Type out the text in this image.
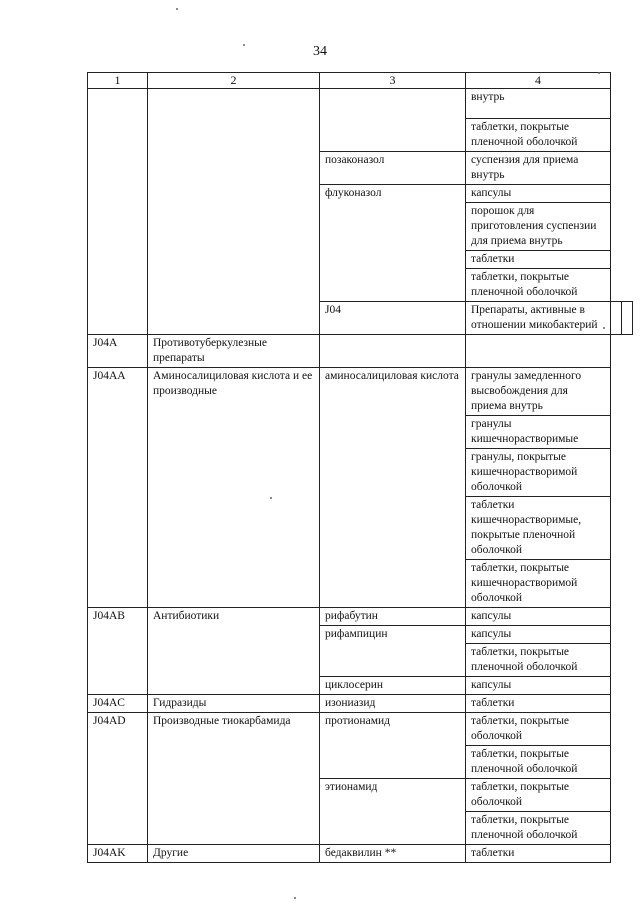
34
1	2	3	4		
			внутрь		
			таблетки, покрытые пленочной оболочкой		
		позаконазол	суспензия для приема внутрь		
		флуконазол	капсулы		
			порошок для приготовления суспензии для приема внутрь		
			таблетки		
			таблетки, покрытые пленочной оболочкой		
		J04	Препараты, активные в отношении микобактерий		
J04A	Противотуберкулезные препараты				
J04AA	Аминосалициловая кислота и ее производные	аминосалициловая кислота	гранулы замедленного высвобождения для приема внутрь		
			гранулы кишечнорастворимые		
			гранулы, покрытые кишечнорастворимой оболочкой		
			таблетки кишечнорастворимые, покрытые пленочной оболочкой		
			таблетки, покрытые кишечнорастворимой оболочкой		
J04AB	Антибиотики	рифабутин	капсулы		
		рифампицин	капсулы		
			таблетки, покрытые пленочной оболочкой		
		циклосерин	капсулы		
J04AC	Гидразиды	изониазид	таблетки		
J04AD	Производные тиокарбамида	протионамид	таблетки, покрытые оболочкой		
			таблетки, покрытые пленочной оболочкой		
		этионамид	таблетки, покрытые оболочкой		
			таблетки, покрытые пленочной оболочкой		
J04AK	Другие	бедаквилин **	таблетки		
